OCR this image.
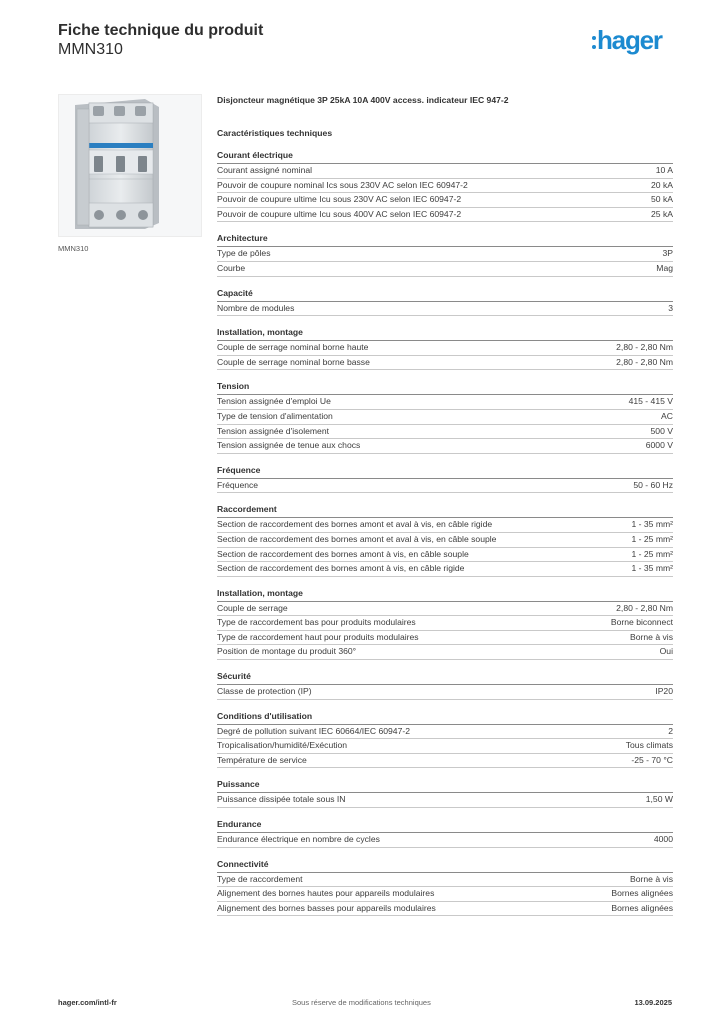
Fiche technique du produit
MMN310	hager
MMN310
Disjoncteur magnétique 3P 25kA 10A 400V access. indicateur IEC 947-2
Caractéristiques techniques
Courant électrique
Courant assigné nominal	10 A
Pouvoir de coupure nominal Ics sous 230V AC selon IEC 60947-2	20 kA
Pouvoir de coupure ultime Icu sous 230V AC selon IEC 60947-2	50 kA
Pouvoir de coupure ultime Icu sous 400V AC selon IEC 60947-2	25 kA
Architecture
Type de pôles	3P
Courbe	Mag
Capacité
Nombre de modules	3
Installation, montage
Couple de serrage nominal borne haute	2,80 - 2,80 Nm
Couple de serrage nominal borne basse	2,80 - 2,80 Nm
Tension
Tension assignée d'emploi Ue	415 - 415 V
Type de tension d'alimentation	AC
Tension assignée d'isolement	500 V
Tension assignée de tenue aux chocs	6000 V
Fréquence
Fréquence	50 - 60 Hz
Raccordement
Section de raccordement des bornes amont et aval à vis, en câble rigide	1 - 35 mm²
Section de raccordement des bornes amont et aval à vis, en câble souple	1 - 25 mm²
Section de raccordement des bornes amont à vis, en câble souple	1 - 25 mm²
Section de raccordement des bornes amont à vis, en câble rigide	1 - 35 mm²
Installation, montage
Couple de serrage	2,80 - 2,80 Nm
Type de raccordement bas pour produits modulaires	Borne biconnect
Type de raccordement haut pour produits modulaires	Borne à vis
Position de montage du produit 360°	Oui
Sécurité
Classe de protection (IP)	IP20
Conditions d'utilisation
Degré de pollution suivant IEC 60664/IEC 60947-2	2
Tropicalisation/humidité/Exécution	Tous climats
Température de service	-25 - 70 °C
Puissance
Puissance dissipée totale sous IN	1,50 W
Endurance
Endurance électrique en nombre de cycles	4000
Connectivité
Type de raccordement	Borne à vis
Alignement des bornes hautes pour appareils modulaires	Bornes alignées
Alignement des bornes basses pour appareils modulaires	Bornes alignées
hager.com/intl-fr	Sous réserve de modifications techniques	13.09.2025
